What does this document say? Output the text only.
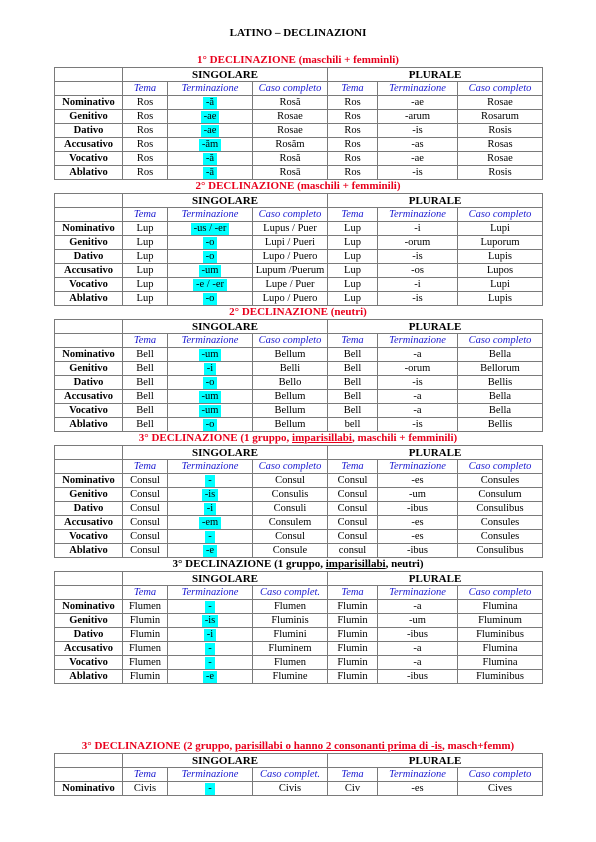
LATINO – DECLINAZIONI
1° DECLINAZIONE (maschili + femminli)
	SINGOLARE			PLURALE		
	Tema	Terminazione	Caso completo	Tema	Terminazione	Caso completo
Nominativo	Ros	-ă	Rosă	Ros	-ae	Rosae
Genitivo	Ros	-ae	Rosae	Ros	-arum	Rosarum
Dativo	Ros	-ae	Rosae	Ros	-is	Rosis
Accusativo	Ros	-ăm	Rosăm	Ros	-as	Rosas
Vocativo	Ros	-ă	Rosă	Ros	-ae	Rosae
Ablativo	Ros	-ā	Rosā	Ros	-is	Rosis
2° DECLINAZIONE (maschili + femminili)
	SINGOLARE			PLURALE		
	Tema	Terminazione	Caso completo	Tema	Terminazione	Caso completo
Nominativo	Lup	-us / -er	Lupus / Puer	Lup	-i	Lupi
Genitivo	Lup	-o	Lupi / Pueri	Lup	-orum	Luporum
Dativo	Lup	-o	Lupo / Puero	Lup	-is	Lupis
Accusativo	Lup	-um	Lupum /Puerum	Lup	-os	Lupos
Vocativo	Lup	-e / -er	Lupe / Puer	Lup	-i	Lupi
Ablativo	Lup	-o	Lupo / Puero	Lup	-is	Lupis
2° DECLINAZIONE (neutri)
	SINGOLARE			PLURALE		
	Tema	Terminazione	Caso completo	Tema	Terminazione	Caso completo
Nominativo	Bell	-um	Bellum	Bell	-a	Bella
Genitivo	Bell	-i	Belli	Bell	-orum	Bellorum
Dativo	Bell	-o	Bello	Bell	-is	Bellis
Accusativo	Bell	-um	Bellum	Bell	-a	Bella
Vocativo	Bell	-um	Bellum	Bell	-a	Bella
Ablativo	Bell	-o	Bellum	bell	-is	Bellis
3° DECLINAZIONE (1 gruppo, imparisillabi, maschili + femminili)
	SINGOLARE			PLURALE		
	Tema	Terminazione	Caso completo	Tema	Terminazione	Caso completo
Nominativo	Consul	-	Consul	Consul	-es	Consules
Genitivo	Consul	-is	Consulis	Consul	-um	Consulum
Dativo	Consul	-i	Consuli	Consul	-ibus	Consulibus
Accusativo	Consul	-em	Consulem	Consul	-es	Consules
Vocativo	Consul	-	Consul	Consul	-es	Consules
Ablativo	Consul	-e	Consule	consul	-ibus	Consulibus
3° DECLINAZIONE (1 gruppo, imparisillabi, neutri)
	SINGOLARE			PLURALE		
	Tema	Terminazione	Caso complet.	Tema	Terminazione	Caso completo
Nominativo	Flumen	-	Flumen	Flumin	-a	Flumina
Genitivo	Flumin	-is	Fluminis	Flumin	-um	Fluminum
Dativo	Flumin	-i	Flumini	Flumin	-ibus	Fluminibus
Accusativo	Flumen	-	Fluminem	Flumin	-a	Flumina
Vocativo	Flumen	-	Flumen	Flumin	-a	Flumina
Ablativo	Flumin	-e	Flumine	Flumin	-ibus	Fluminibus
3° DECLINAZIONE (2 gruppo, parisillabi o hanno 2 consonanti prima di -is, masch+femm)
	SINGOLARE			PLURALE		
	Tema	Terminazione	Caso complet.	Tema	Terminazione	Caso completo
Nominativo	Civis	-	Civis	Civ	-es	Cives
